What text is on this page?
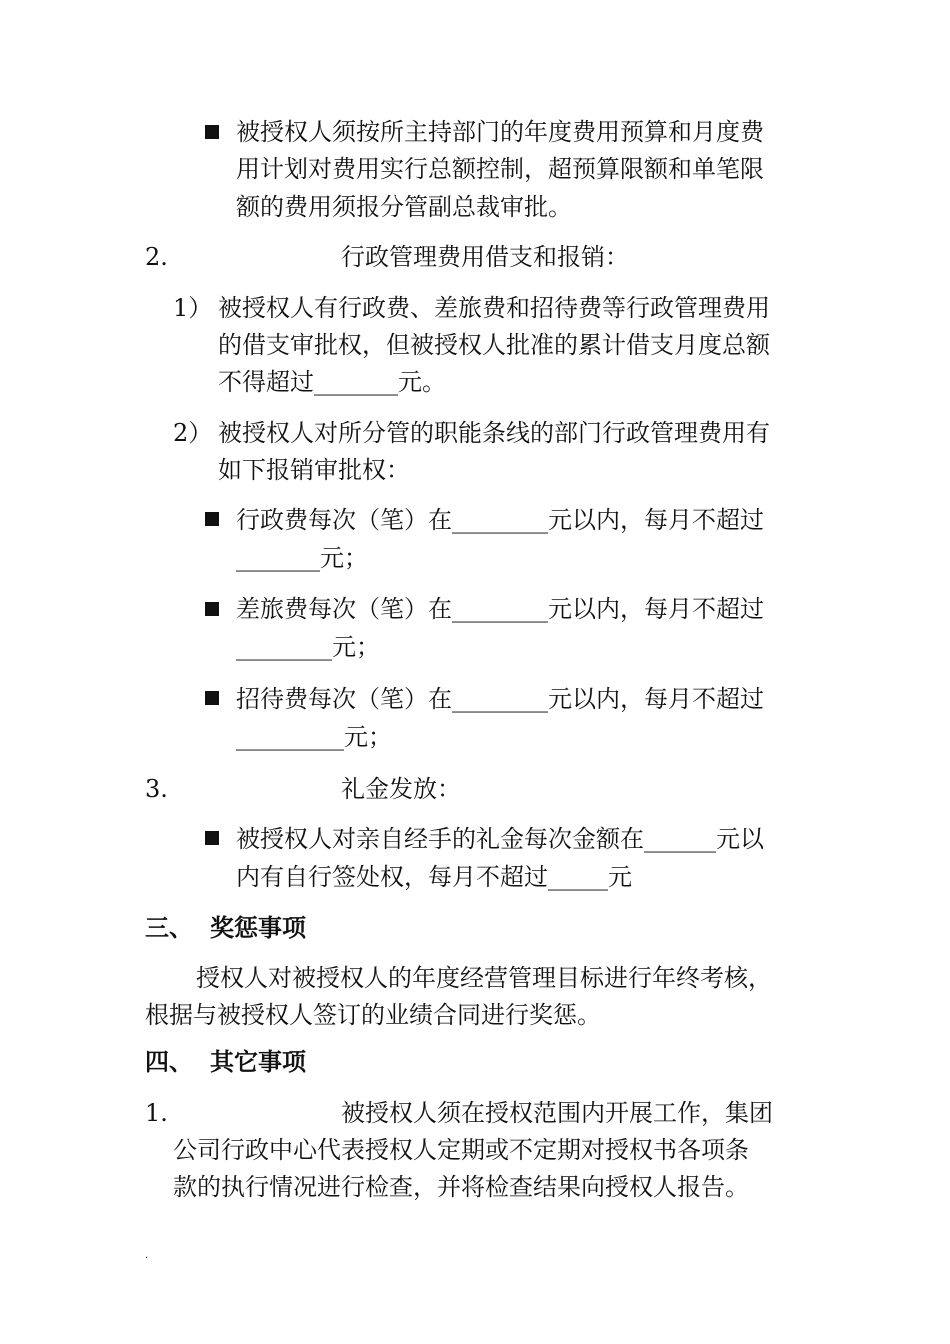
被授权人须按所主持部门的年度费用预算和月度费
用计划对费用实行总额控制，超预算限额和单笔限
额的费用须报分管副总裁审批。
2.	行政管理费用借支和报销：
1） 被授权人有行政费、差旅费和招待费等行政管理费用
的借支审批权，但被授权人批准的累计借支月度总额
不得超过_______元。
2） 被授权人对所分管的职能条线的部门行政管理费用有
如下报销审批权：
行政费每次（笔）在________元以内，每月不超过
_______元；
差旅费每次（笔）在________元以内，每月不超过
________元；
招待费每次（笔）在________元以内，每月不超过
_________元；
3.	礼金发放：
被授权人对亲自经手的礼金每次金额在______元以
内有自行签处权，每月不超过_____元
三、 奖惩事项
授权人对被授权人的年度经营管理目标进行年终考核，
根据与被授权人签订的业绩合同进行奖惩。
四、 其它事项
1.	被授权人须在授权范围内开展工作，集团
公司行政中心代表授权人定期或不定期对授权书各项条
款的执行情况进行检查，并将检查结果向授权人报告。
.
